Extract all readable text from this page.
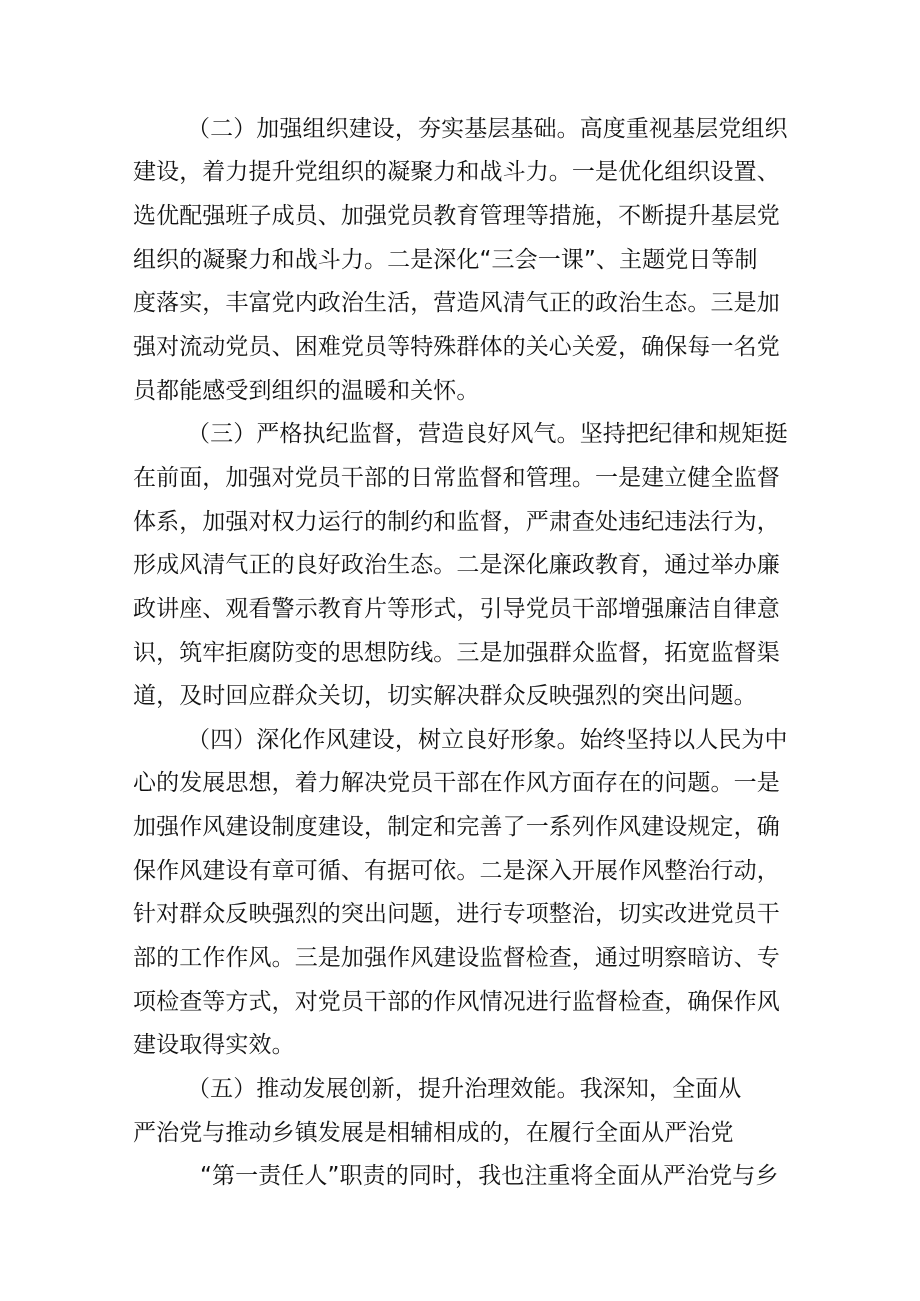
（二）加强组织建设，夯实基层基础。高度重视基层党组织
建设，着力提升党组织的凝聚力和战斗力。一是优化组织设置、
选优配强班子成员、加强党员教育管理等措施，不断提升基层党
组织的凝聚力和战斗力。二是深化“三会一课”、主题党日等制
度落实，丰富党内政治生活，营造风清气正的政治生态。三是加
强对流动党员、困难党员等特殊群体的关心关爱，确保每一名党
员都能感受到组织的温暖和关怀。
（三）严格执纪监督，营造良好风气。坚持把纪律和规矩挺
在前面，加强对党员干部的日常监督和管理。一是建立健全监督
体系，加强对权力运行的制约和监督，严肃查处违纪违法行为，
形成风清气正的良好政治生态。二是深化廉政教育，通过举办廉
政讲座、观看警示教育片等形式，引导党员干部增强廉洁自律意
识，筑牢拒腐防变的思想防线。三是加强群众监督，拓宽监督渠
道，及时回应群众关切，切实解决群众反映强烈的突出问题。
（四）深化作风建设，树立良好形象。始终坚持以人民为中
心的发展思想，着力解决党员干部在作风方面存在的问题。一是
加强作风建设制度建设，制定和完善了一系列作风建设规定，确
保作风建设有章可循、有据可依。二是深入开展作风整治行动，
针对群众反映强烈的突出问题，进行专项整治，切实改进党员干
部的工作作风。三是加强作风建设监督检查，通过明察暗访、专
项检查等方式，对党员干部的作风情况进行监督检查，确保作风
建设取得实效。
（五）推动发展创新，提升治理效能。我深知，全面从
严治党与推动乡镇发展是相辅相成的，在履行全面从严治党
“第一责任人”职责的同时，我也注重将全面从严治党与乡
